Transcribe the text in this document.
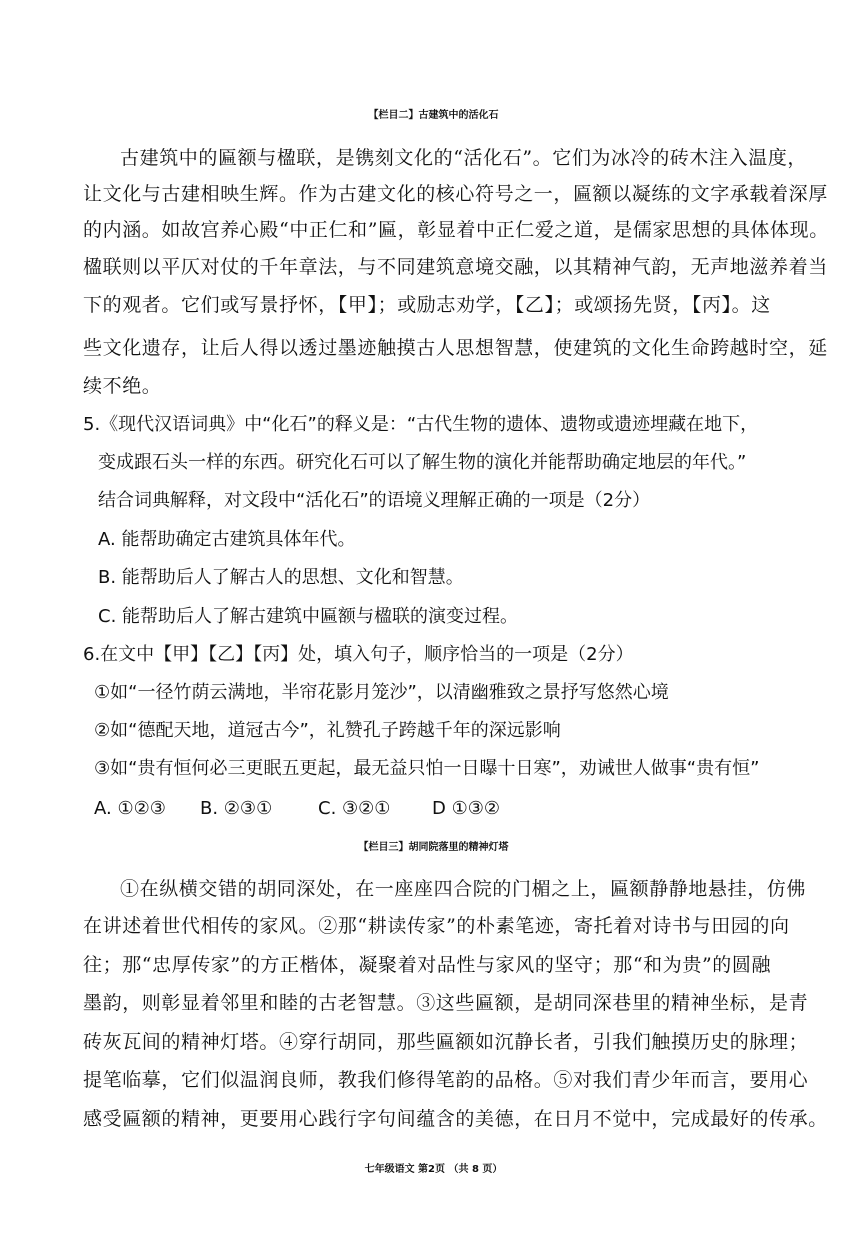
【栏目二】古建筑中的活化石
古建筑中的匾额与楹联，是镌刻文化的“活化石”。它们为冰冷的砖木注入温度，
让文化与古建相映生辉。作为古建文化的核心符号之一，匾额以凝练的文字承载着深厚
的内涵。如故宫养心殿“中正仁和”匾，彰显着中正仁爱之道，是儒家思想的具体体现。
楹联则以平仄对仗的千年章法，与不同建筑意境交融，以其精神气韵，无声地滋养着当
下的观者。它们或写景抒怀，【甲】；或励志劝学，【乙】；或颂扬先贤，【丙】。这
些文化遗存，让后人得以透过墨迹触摸古人思想智慧，使建筑的文化生命跨越时空，延
续不绝。
5.《现代汉语词典》中“化石”的释义是：“古代生物的遗体、遗物或遗迹埋藏在地下，
变成跟石头一样的东西。研究化石可以了解生物的演化并能帮助确定地层的年代。”
结合词典解释，对文段中“活化石”的语境义理解正确的一项是（2分）
A. 能帮助确定古建筑具体年代。
B. 能帮助后人了解古人的思想、文化和智慧。
C. 能帮助后人了解古建筑中匾额与楹联的演变过程。
6.在文中【甲】【乙】【丙】处，填入句子，顺序恰当的一项是（2分）
①如“一径竹荫云满地，半帘花影月笼沙”，以清幽雅致之景抒写悠然心境
②如“德配天地，道冠古今”，礼赞孔子跨越千年的深远影响
③如“贵有恒何必三更眠五更起，最无益只怕一日曝十日寒”，劝诫世人做事“贵有恒”
A. ①②③ B. ②③①	C. ③②① D ①③②
【栏目三】胡同院落里的精神灯塔
①在纵横交错的胡同深处，在一座座四合院的门楣之上，匾额静静地悬挂，仿佛
在讲述着世代相传的家风。②那“耕读传家”的朴素笔迹，寄托着对诗书与田园的向
往；那“忠厚传家”的方正楷体，凝聚着对品性与家风的坚守；那“和为贵”的圆融
墨韵，则彰显着邻里和睦的古老智慧。③这些匾额，是胡同深巷里的精神坐标，是青
砖灰瓦间的精神灯塔。④穿行胡同，那些匾额如沉静长者，引我们触摸历史的脉理；
提笔临摹，它们似温润良师，教我们修得笔韵的品格。⑤对我们青少年而言，要用心
感受匾额的精神，更要用心践行字句间蕴含的美德，在日月不觉中，完成最好的传承。
七年级语文 第2页 （共 8 页）
